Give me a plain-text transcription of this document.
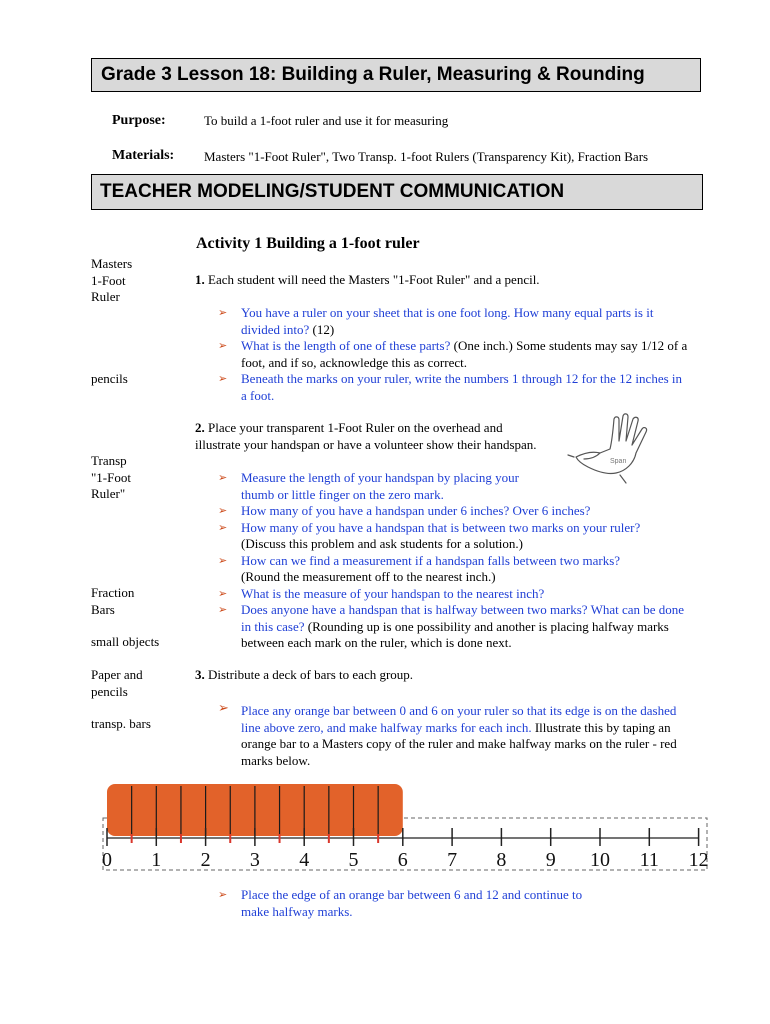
Grade 3 Lesson 18: Building a Ruler, Measuring & Rounding
Purpose:	To build a 1-foot ruler and use it for measuring
Materials: Masters "1-Foot Ruler", Two Transp. 1-foot Rulers (Transparency Kit), Fraction Bars
TEACHER MODELING/STUDENT COMMUNICATION
Activity 1 Building a 1-foot ruler
Masters
1-Foot
Ruler
pencils
Transp
"1-Foot
Ruler"
Fraction
Bars
small objects
Paper and
pencils
transp. bars
1. Each student will need the Masters "1-Foot Ruler" and a pencil.
➢ You have a ruler on your sheet that is one foot long. How many equal parts is it divided into? (12)
➢ What is the length of one of these parts? (One inch.) Some students may say 1/12 of a foot, and if so, acknowledge this as correct.
➢ Beneath the marks on your ruler, write the numbers 1 through 12 for the 12 inches in a foot.
2. Place your transparent 1-Foot Ruler on the overhead and
illustrate your handspan or have a volunteer show their handspan.
Span
➢ Measure the length of your handspan by placing your thumb or little finger on the zero mark.
➢ How many of you have a handspan under 6 inches? Over 6 inches?
➢ How many of you have a handspan that is between two marks on your ruler?
(Discuss this problem and ask students for a solution.)
➢ How can we find a measurement if a handspan falls between two marks?
(Round the measurement off to the nearest inch.)
➢ What is the measure of your handspan to the nearest inch?
➢ Does anyone have a handspan that is halfway between two marks? What can be done in this case? (Rounding up is one possibility and another is placing halfway marks between each mark on the ruler, which is done next.
3. Distribute a deck of bars to each group.
➢ Place any orange bar between 0 and 6 on your ruler so that its edge is on the dashed line above zero, and make halfway marks for each inch. Illustrate this by taping an orange bar to a Masters copy of the ruler and make halfway marks on the ruler - red marks below.
0 1 2 3 4 5 6 7 8 9 10 11 12
➢ Place the edge of an orange bar between 6 and 12 and continue to make halfway marks.
